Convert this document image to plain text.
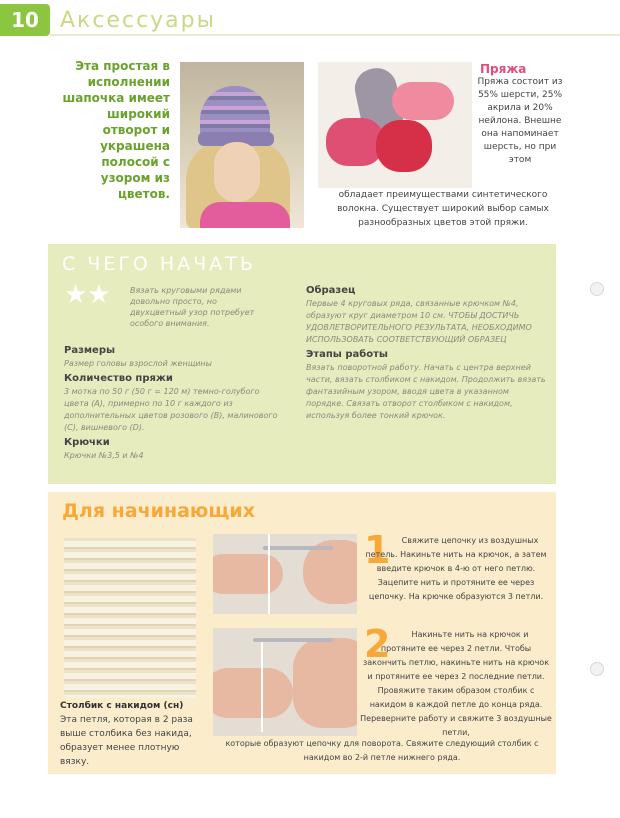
10 Аксессуары
Эта простая в исполнении шапочка имеет широкий отворот и украшена полосой с узором из цветов.
Пряжа
Пряжа состоит из 55% шерсти, 25% акрила и 20% нейлона. Внешне она напоминает шерсть, но при этом
обладает преимуществами синтетического волокна. Существует широкий выбор самых разнообразных цветов этой пряжи.
С ЧЕГО НАЧАТЬ
★★ Вязать круговыми рядами довольно просто, но двухцветный узор потребует особого внимания.
Размеры
Размер головы взрослой женщины
Количество пряжи
3 мотка по 50 г (50 г = 120 м) темно-голубого цвета (A), примерно по 10 г каждого из дополнительных цветов розового (B), малинового (C), вишневого (D).
Крючки
Крючки №3,5 и №4
Образец
Первые 4 круговых ряда, связанные крючком №4, образуют круг диаметром 10 см. ЧТОБЫ ДОСТИЧЬ УДОВЛЕТВОРИТЕЛЬНОГО РЕЗУЛЬТАТА, НЕОБХОДИМО ИСПОЛЬЗОВАТЬ СООТВЕТСТВУЮЩИЙ ОБРАЗЕЦ
Этапы работы
Вязать поворотной работу. Начать с центра верхней части, вязать столбиком с накидом. Продолжить вязать фантазийным узором, вводя цвета в указанном порядке. Связать отворот столбиком с накидом, используя более тонкий крючок.
Для начинающих
Столбик с накидом (сн)
Эта петля, которая в 2 раза выше столбика без накида, образует менее плотную вязку.
1	Свяжите цепочку из воздушных петель. Накиньте нить на крючок, а затем введите крючок в 4-ю от него петлю. Зацепите нить и протяните ее через цепочку. На крючке образуются 3 петли.
2	Накиньте нить на крючок и протяните ее через 2 петли. Чтобы закончить петлю, накиньте нить на крючок и протяните ее через 2 последние петли. Провяжите таким образом столбик с накидом в каждой петле до конца ряда. Переверните работу и свяжите 3 воздушные петли,
которые образуют цепочку для поворота. Свяжите следующий столбик с накидом во 2-й петле нижнего ряда.
